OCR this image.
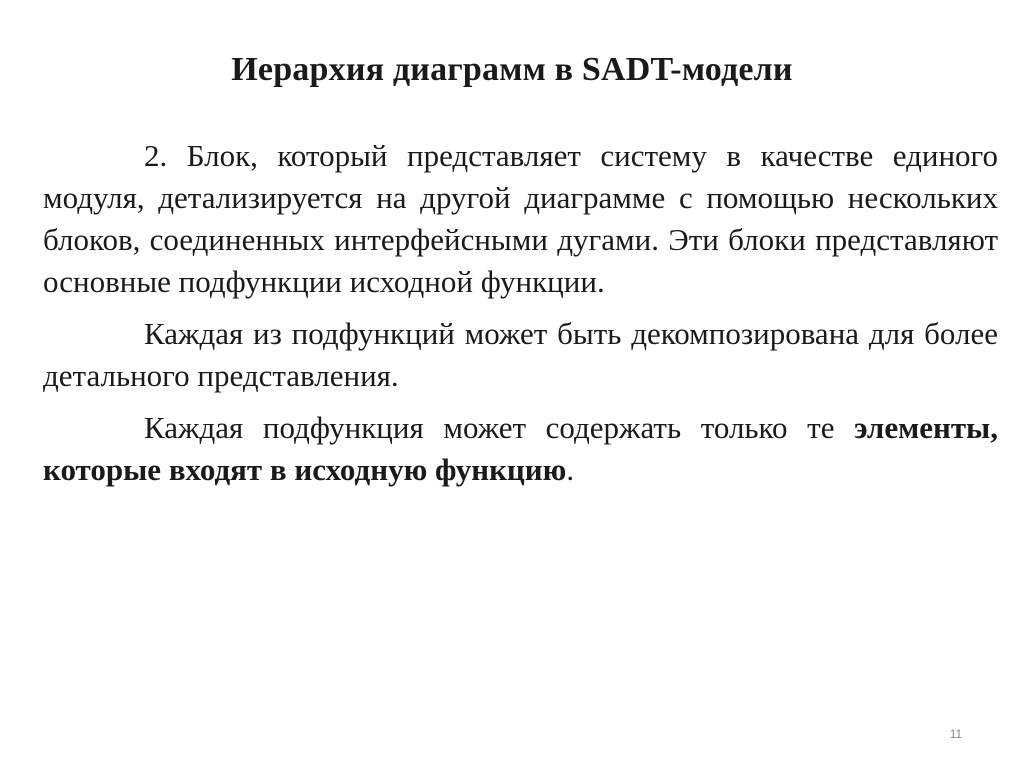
Иерархия диаграмм в SADT-модели

2. Блок, который представляет систему в качестве единого модуля, детализируется на другой диаграмме с помощью нескольких блоков, соединенных интерфейсными дугами. Эти блоки представляют основные подфункции исходной функции.

Каждая из подфункций может быть декомпозирована для более детального представления.

Каждая подфункция может содержать только те элементы, которые входят в исходную функцию.

11
